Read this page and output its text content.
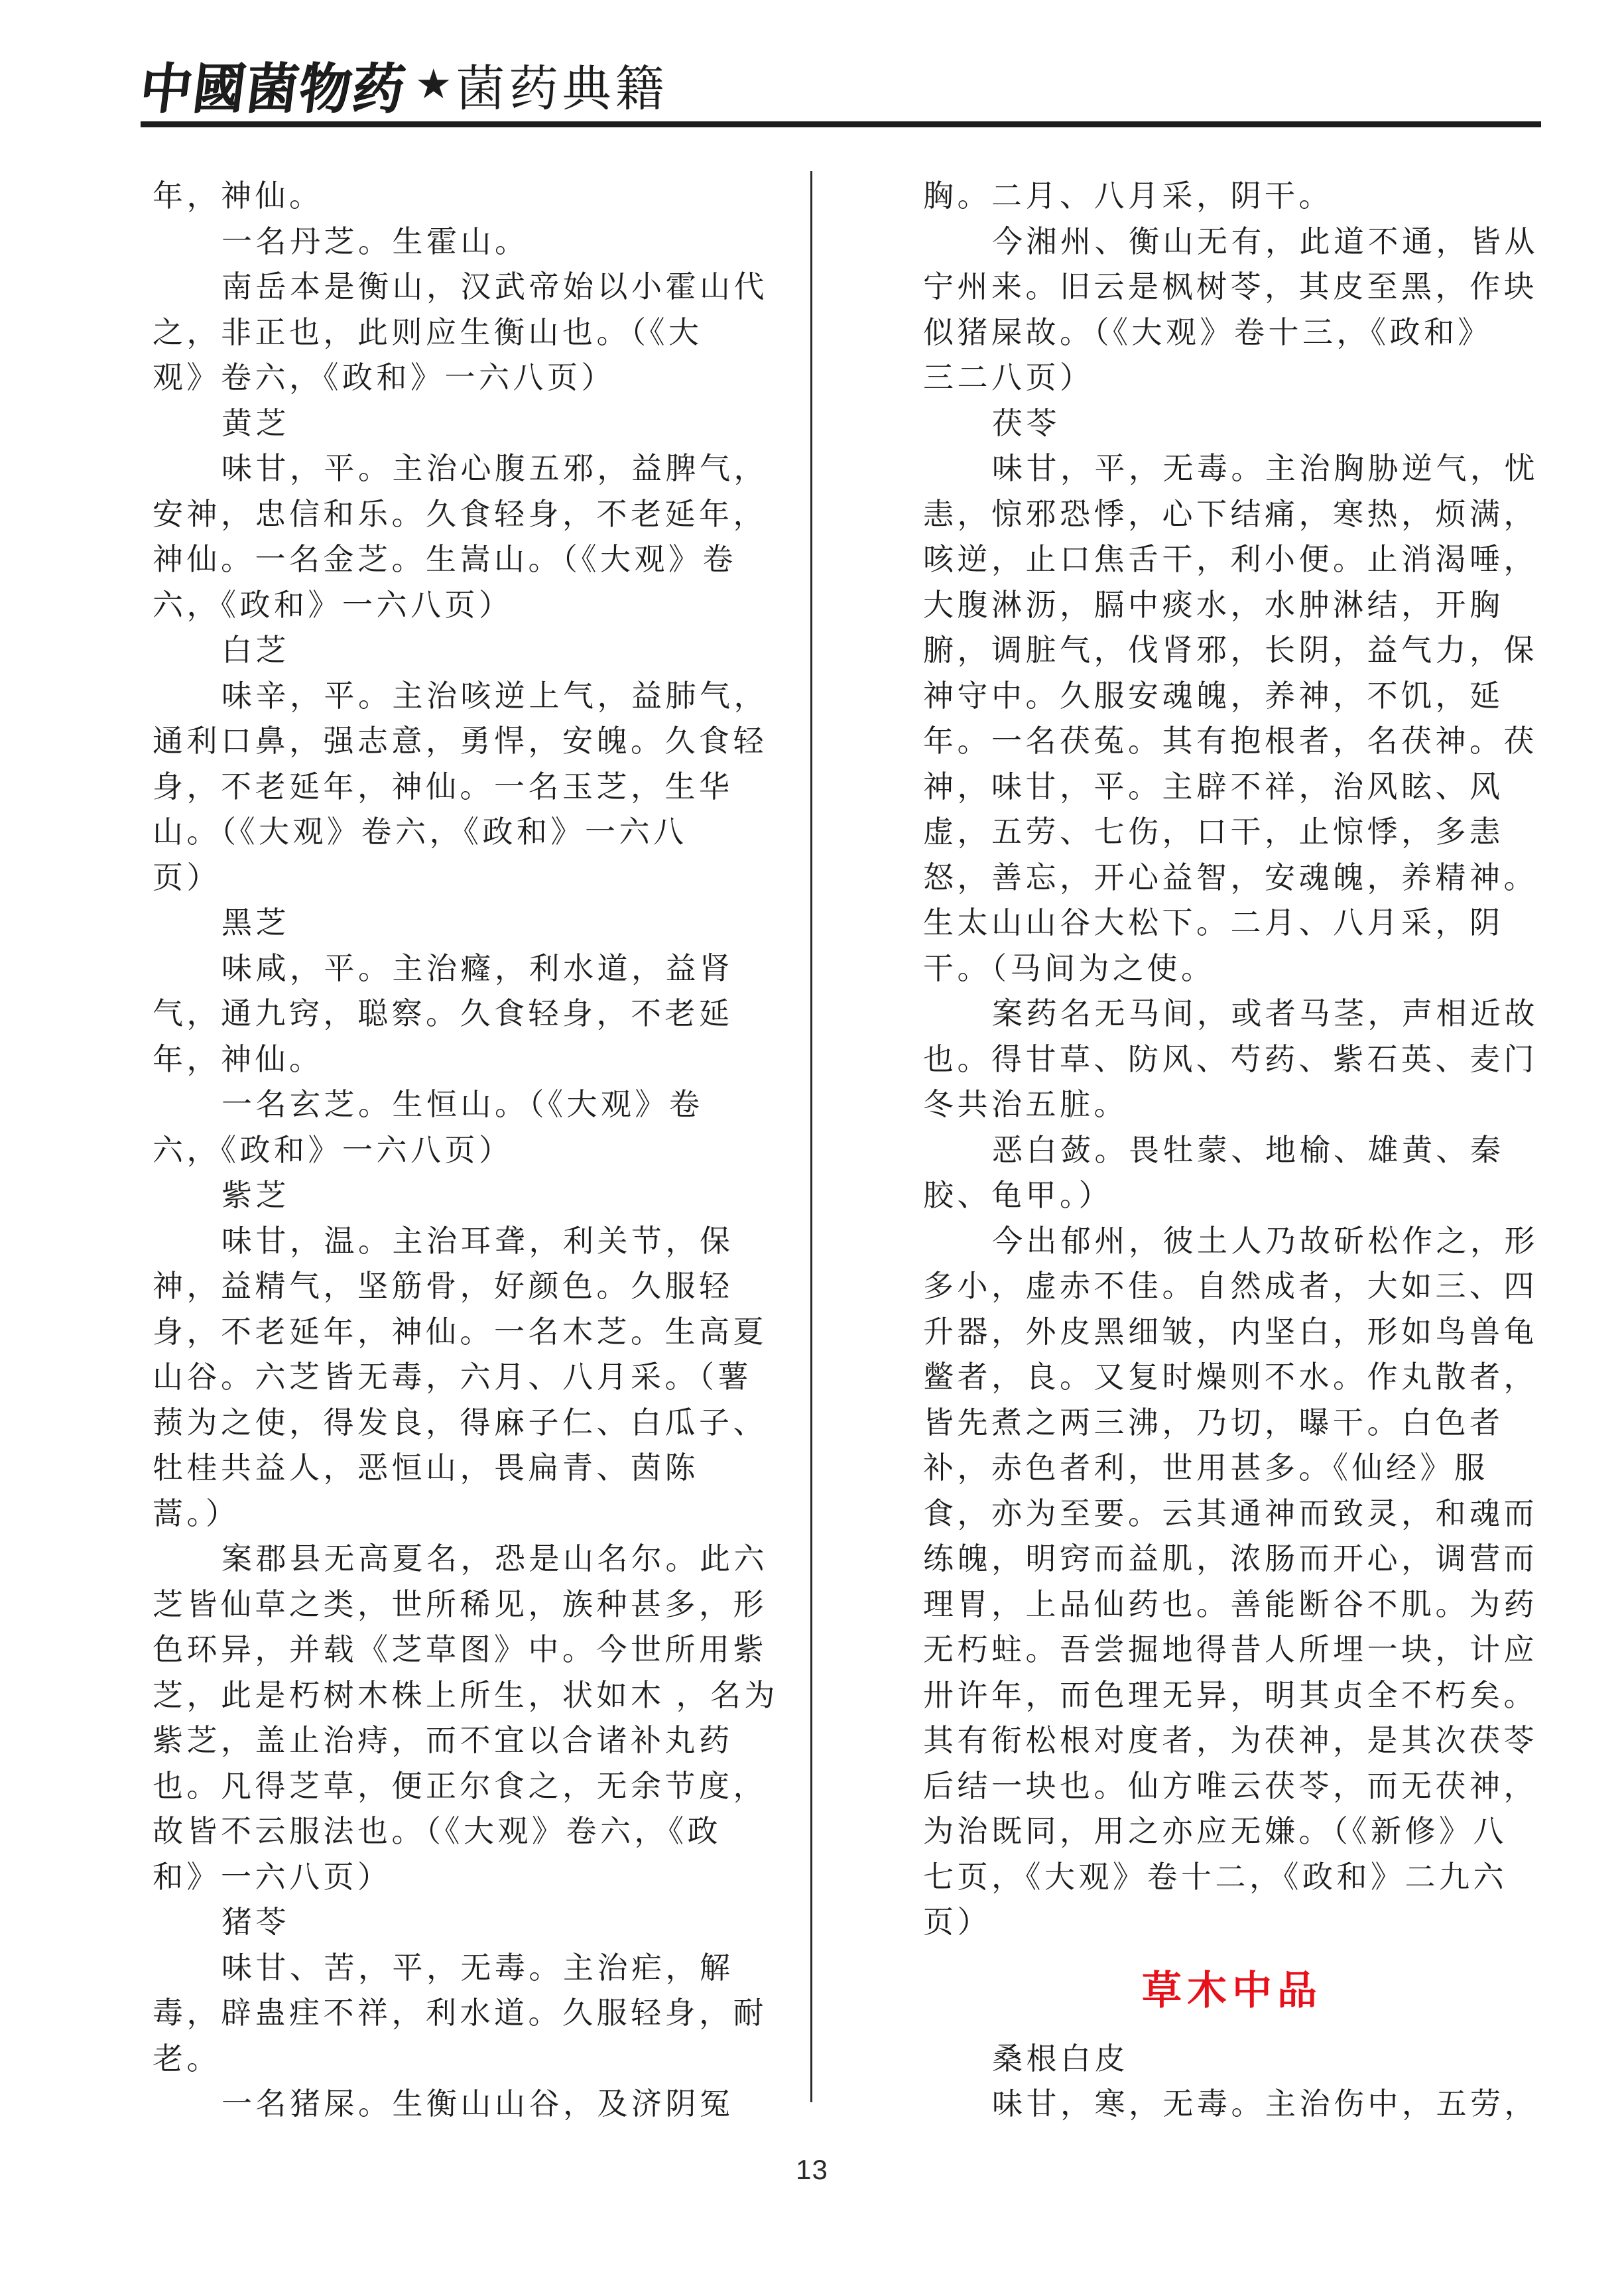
中國菌物药 ★ 菌药典籍
年，神仙。
一名丹芝。生霍山。
南岳本是衡山，汉武帝始以小霍山代
之，非正也，此则应生衡山也。（《大
观》卷六，《政和》一六八页）
黄芝
味甘，平。主治心腹五邪，益脾气，
安神，忠信和乐。久食轻身，不老延年，
神仙。一名金芝。生嵩山。（《大观》卷
六，《政和》一六八页）
白芝
味辛，平。主治咳逆上气，益肺气，
通利口鼻，强志意，勇悍，安魄。久食轻
身，不老延年，神仙。一名玉芝，生华
山。（《大观》卷六，《政和》一六八
页）
黑芝
味咸，平。主治癃，利水道，益肾
气，通九窍，聪察。久食轻身，不老延
年，神仙。
一名玄芝。生恒山。（《大观》卷
六，《政和》一六八页）
紫芝
味甘，温。主治耳聋，利关节，保
神，益精气，坚筋骨，好颜色。久服轻
身，不老延年，神仙。一名木芝。生高夏
山谷。六芝皆无毒，六月、八月采。（薯
蓣为之使，得发良，得麻子仁、白瓜子、
牡桂共益人，恶恒山，畏扁青、茵陈
蒿。）
案郡县无高夏名，恐是山名尔。此六
芝皆仙草之类，世所稀见，族种甚多，形
色环异，并载《芝草图》中。今世所用紫
芝，此是朽树木株上所生，状如木 ，名为
紫芝，盖止治痔，而不宜以合诸补丸药
也。凡得芝草，便正尔食之，无余节度，
故皆不云服法也。（《大观》卷六，《政
和》一六八页）
猪苓
味甘、苦，平，无毒。主治疟，解
毒，辟蛊疰不祥，利水道。久服轻身，耐
老。
一名猪屎。生衡山山谷，及济阴冤
胸。二月、八月采，阴干。
今湘州、衡山无有，此道不通，皆从
宁州来。旧云是枫树苓，其皮至黑，作块
似猪屎故。（《大观》卷十三，《政和》
三二八页）
茯苓
味甘，平，无毒。主治胸胁逆气，忧
恚，惊邪恐悸，心下结痛，寒热，烦满，
咳逆，止口焦舌干，利小便。止消渴唾，
大腹淋沥，膈中痰水，水肿淋结，开胸
腑，调脏气，伐肾邪，长阴，益气力，保
神守中。久服安魂魄，养神，不饥，延
年。一名茯菟。其有抱根者，名茯神。茯
神，味甘，平。主辟不祥，治风眩、风
虚，五劳、七伤，口干，止惊悸，多恚
怒，善忘，开心益智，安魂魄，养精神。
生太山山谷大松下。二月、八月采，阴
干。（马间为之使。
案药名无马间，或者马茎，声相近故
也。得甘草、防风、芍药、紫石英、麦门
冬共治五脏。
恶白蔹。畏牡蒙、地榆、雄黄、秦
胶、龟甲。）
今出郁州，彼土人乃故斫松作之，形
多小，虚赤不佳。自然成者，大如三、四
升器，外皮黑细皱，内坚白，形如鸟兽龟
鳖者，良。又复时燥则不水。作丸散者，
皆先煮之两三沸，乃切，曝干。白色者
补，赤色者利，世用甚多。《仙经》服
食，亦为至要。云其通神而致灵，和魂而
练魄，明窍而益肌，浓肠而开心，调营而
理胃，上品仙药也。善能断谷不肌。为药
无朽蛀。吾尝掘地得昔人所埋一块，计应
卅许年，而色理无异，明其贞全不朽矣。
其有衔松根对度者，为茯神，是其次茯苓
后结一块也。仙方唯云茯苓，而无茯神，
为治既同，用之亦应无嫌。（《新修》八
七页，《大观》卷十二，《政和》二九六
页）
草木中品
桑根白皮
味甘，寒，无毒。主治伤中，五劳，
13
